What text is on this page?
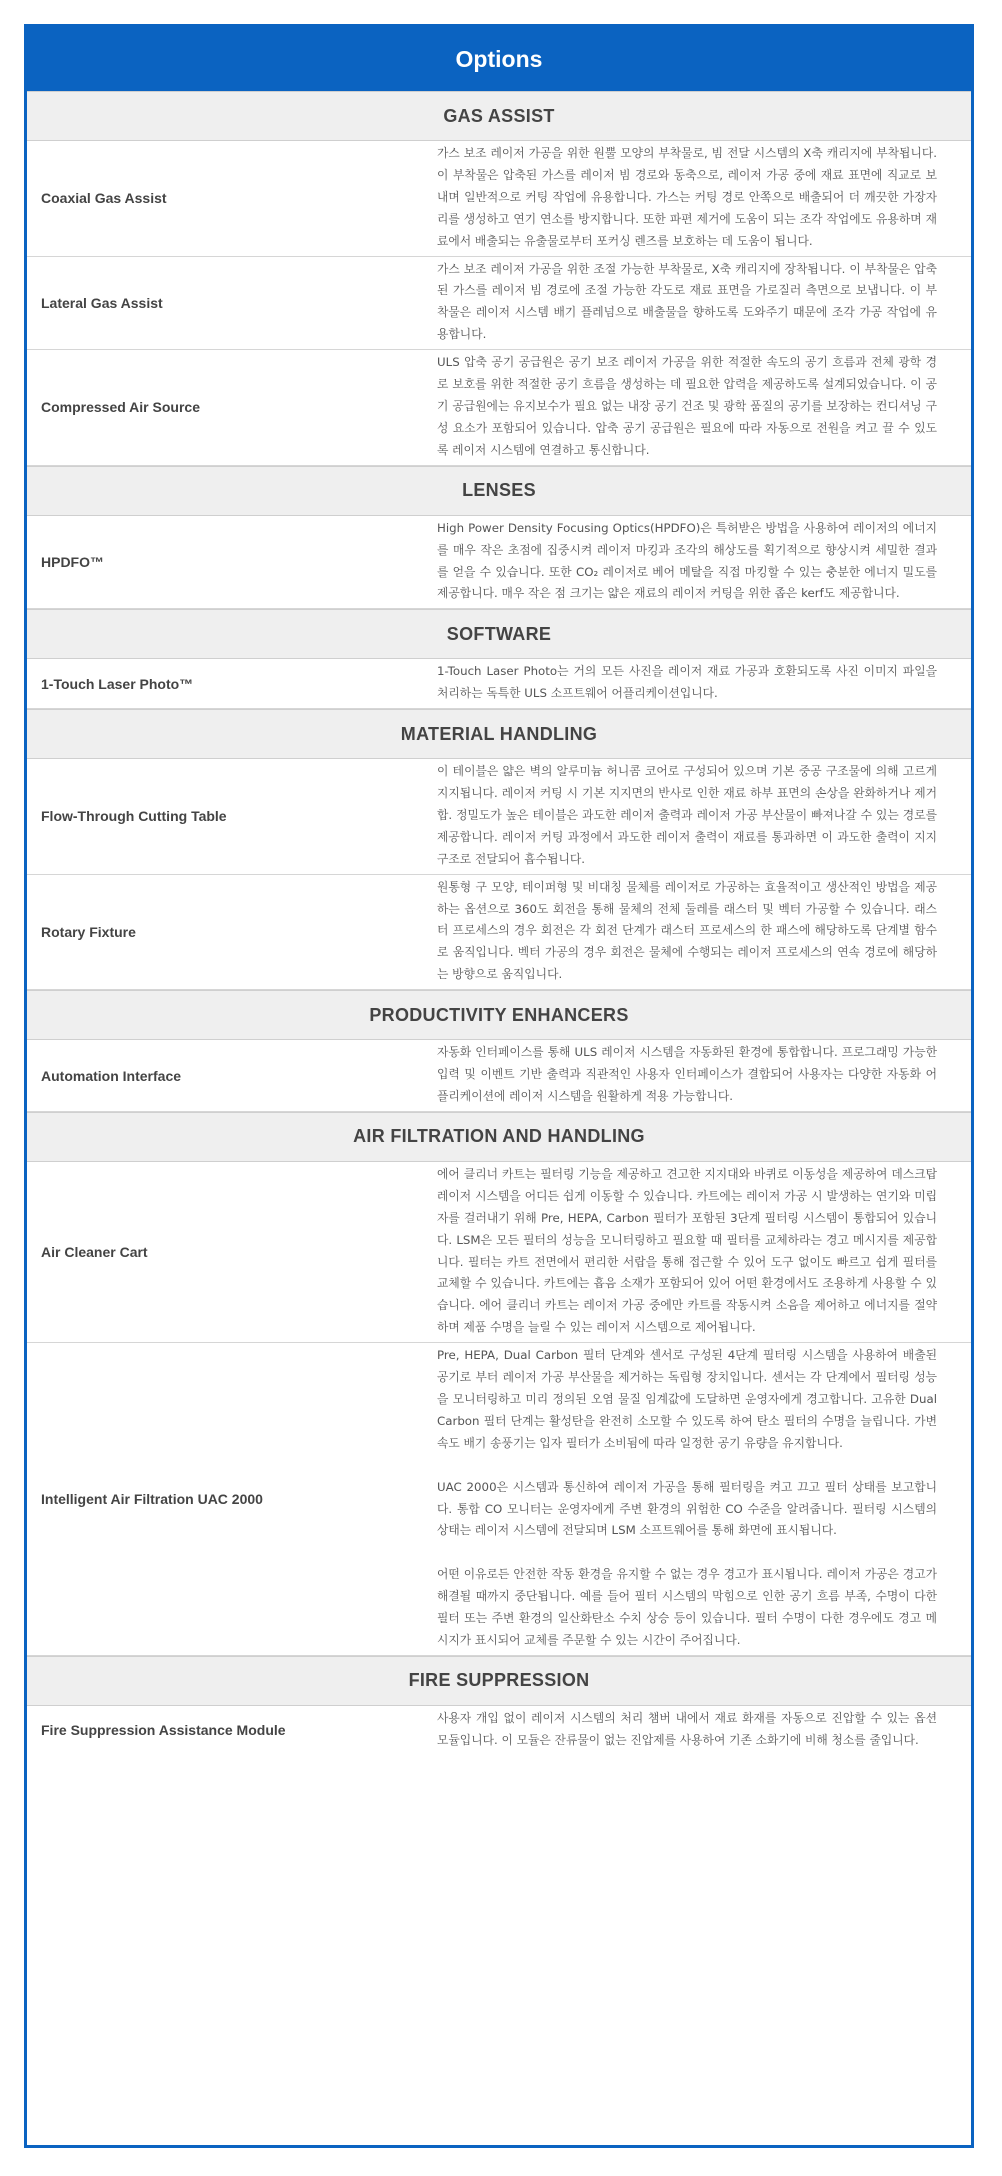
Options
GAS ASSIST
Coaxial Gas Assist
가스 보조 레이저 가공을 위한 원뿔 모양의 부착물로, 빔 전달 시스템의 X축 캐리지에 부착됩니다. 이 부착물은 압축된 가스를 레이저 빔 경로와 동축으로, 레이저 가공 중에 재료 표면에 직교로 보내며 일반적으로 커팅 작업에 유용합니다. 가스는 커팅 경로 안쪽으로 배출되어 더 깨끗한 가장자리를 생성하고 연기 연소를 방지합니다. 또한 파편 제거에 도움이 되는 조각 작업에도 유용하며 재료에서 배출되는 유출물로부터 포커싱 렌즈를 보호하는 데 도움이 됩니다.
Lateral Gas Assist
가스 보조 레이저 가공을 위한 조절 가능한 부착물로, X축 캐리지에 장착됩니다. 이 부착물은 압축된 가스를 레이저 빔 경로에 조절 가능한 각도로 재료 표면을 가로질러 측면으로 보냅니다. 이 부착물은 레이저 시스템 배기 플레넘으로 배출물을 향하도록 도와주기 때문에 조각 가공 작업에 유용합니다.
Compressed Air Source
ULS 압축 공기 공급원은 공기 보조 레이저 가공을 위한 적절한 속도의 공기 흐름과 전체 광학 경로 보호를 위한 적절한 공기 흐름을 생성하는 데 필요한 압력을 제공하도록 설계되었습니다. 이 공기 공급원에는 유지보수가 필요 없는 내장 공기 건조 및 광학 품질의 공기를 보장하는 컨디셔닝 구성 요소가 포함되어 있습니다. 압축 공기 공급원은 필요에 따라 자동으로 전원을 켜고 끌 수 있도록 레이저 시스템에 연결하고 통신합니다.
LENSES
HPDFO™
High Power Density Focusing Optics(HPDFO)은 특허받은 방법을 사용하여 레이저의 에너지를 매우 작은 초점에 집중시켜 레이저 마킹과 조각의 해상도를 획기적으로 향상시켜 세밀한 결과를 얻을 수 있습니다. 또한 CO₂ 레이저로 베어 메탈을 직접 마킹할 수 있는 충분한 에너지 밀도를 제공합니다. 매우 작은 점 크기는 얇은 재료의 레이저 커팅을 위한 좁은 kerf도 제공합니다.
SOFTWARE
1-Touch Laser Photo™
1-Touch Laser Photo는 거의 모든 사진을 레이저 재료 가공과 호환되도록 사진 이미지 파일을 처리하는 독특한 ULS 소프트웨어 어플리케이션입니다.
MATERIAL HANDLING
Flow-Through Cutting Table
이 테이블은 얇은 벽의 알루미늄 허니콤 코어로 구성되어 있으며 기본 중공 구조물에 의해 고르게 지지됩니다. 레이저 커팅 시 기본 지지면의 반사로 인한 재료 하부 표면의 손상을 완화하거나 제거합. 정밀도가 높은 테이블은 과도한 레이저 출력과 레이저 가공 부산물이 빠져나갈 수 있는 경로를 제공합니다. 레이저 커팅 과정에서 과도한 레이저 출력이 재료를 통과하면 이 과도한 출력이 지지 구조로 전달되어 흡수됩니다.
Rotary Fixture
원통형 구 모양, 테이퍼형 및 비대칭 물체를 레이저로 가공하는 효율적이고 생산적인 방법을 제공하는 옵션으로 360도 회전을 통해 물체의 전체 둘레를 래스터 및 벡터 가공할 수 있습니다. 래스터 프로세스의 경우 회전은 각 회전 단계가 래스터 프로세스의 한 패스에 해당하도록 단계별 함수로 움직입니다. 벡터 가공의 경우 회전은 물체에 수행되는 레이저 프로세스의 연속 경로에 해당하는 방향으로 움직입니다.
PRODUCTIVITY ENHANCERS
Automation Interface
자동화 인터페이스를 통해 ULS 레이저 시스템을 자동화된 환경에 통합합니다. 프로그래밍 가능한 입력 및 이벤트 기반 출력과 직관적인 사용자 인터페이스가 결합되어 사용자는 다양한 자동화 어플리케이션에 레이저 시스템을 원활하게 적용 가능합니다.
AIR FILTRATION AND HANDLING
Air Cleaner Cart
에어 클리너 카트는 필터링 기능을 제공하고 견고한 지지대와 바퀴로 이동성을 제공하여 데스크탑 레이저 시스템을 어디든 쉽게 이동할 수 있습니다. 카트에는 레이저 가공 시 발생하는 연기와 미립자를 걸러내기 위해 Pre, HEPA, Carbon 필터가 포함된 3단계 필터링 시스템이 통합되어 있습니다. LSM은 모든 필터의 성능을 모니터링하고 필요할 때 필터를 교체하라는 경고 메시지를 제공합니다. 필터는 카트 전면에서 편리한 서랍을 통해 접근할 수 있어 도구 없이도 빠르고 쉽게 필터를 교체할 수 있습니다. 카트에는 흡음 소재가 포함되어 있어 어떤 환경에서도 조용하게 사용할 수 있습니다. 에어 클리너 카트는 레이저 가공 중에만 카트를 작동시켜 소음을 제어하고 에너지를 절약하며 제품 수명을 늘릴 수 있는 레이저 시스템으로 제어됩니다.
Intelligent Air Filtration UAC 2000
Pre, HEPA, Dual Carbon 필터 단계와 센서로 구성된 4단계 필터링 시스템을 사용하여 배출된 공기로 부터 레이저 가공 부산물을 제거하는 독립형 장치입니다. 센서는 각 단계에서 필터링 성능을 모니터링하고 미리 정의된 오염 물질 임계값에 도달하면 운영자에게 경고합니다. 고유한 Dual Carbon 필터 단계는 활성탄을 완전히 소모할 수 있도록 하여 탄소 필터의 수명을 늘립니다. 가변 속도 배기 송풍기는 입자 필터가 소비됨에 따라 일정한 공기 유량을 유지합니다.

UAC 2000은 시스템과 통신하여 레이저 가공을 통해 필터링을 켜고 끄고 필터 상태를 보고합니다. 통합 CO 모니터는 운영자에게 주변 환경의 위험한 CO 수준을 알려줍니다. 필터링 시스템의 상태는 레이저 시스템에 전달되며 LSM 소프트웨어를 통해 화면에 표시됩니다.

어떤 이유로든 안전한 작동 환경을 유지할 수 없는 경우 경고가 표시됩니다. 레이저 가공은 경고가 해결될 때까지 중단됩니다. 예를 들어 필터 시스템의 막힘으로 인한 공기 흐름 부족, 수명이 다한 필터 또는 주변 환경의 일산화탄소 수치 상승 등이 있습니다. 필터 수명이 다한 경우에도 경고 메시지가 표시되어 교체를 주문할 수 있는 시간이 주어집니다.
FIRE SUPPRESSION
Fire Suppression Assistance Module
사용자 개입 없이 레이저 시스템의 처리 챔버 내에서 재료 화재를 자동으로 진압할 수 있는 옵션 모듈입니다. 이 모듈은 잔류물이 없는 진압제를 사용하여 기존 소화기에 비해 청소를 줄입니다.
